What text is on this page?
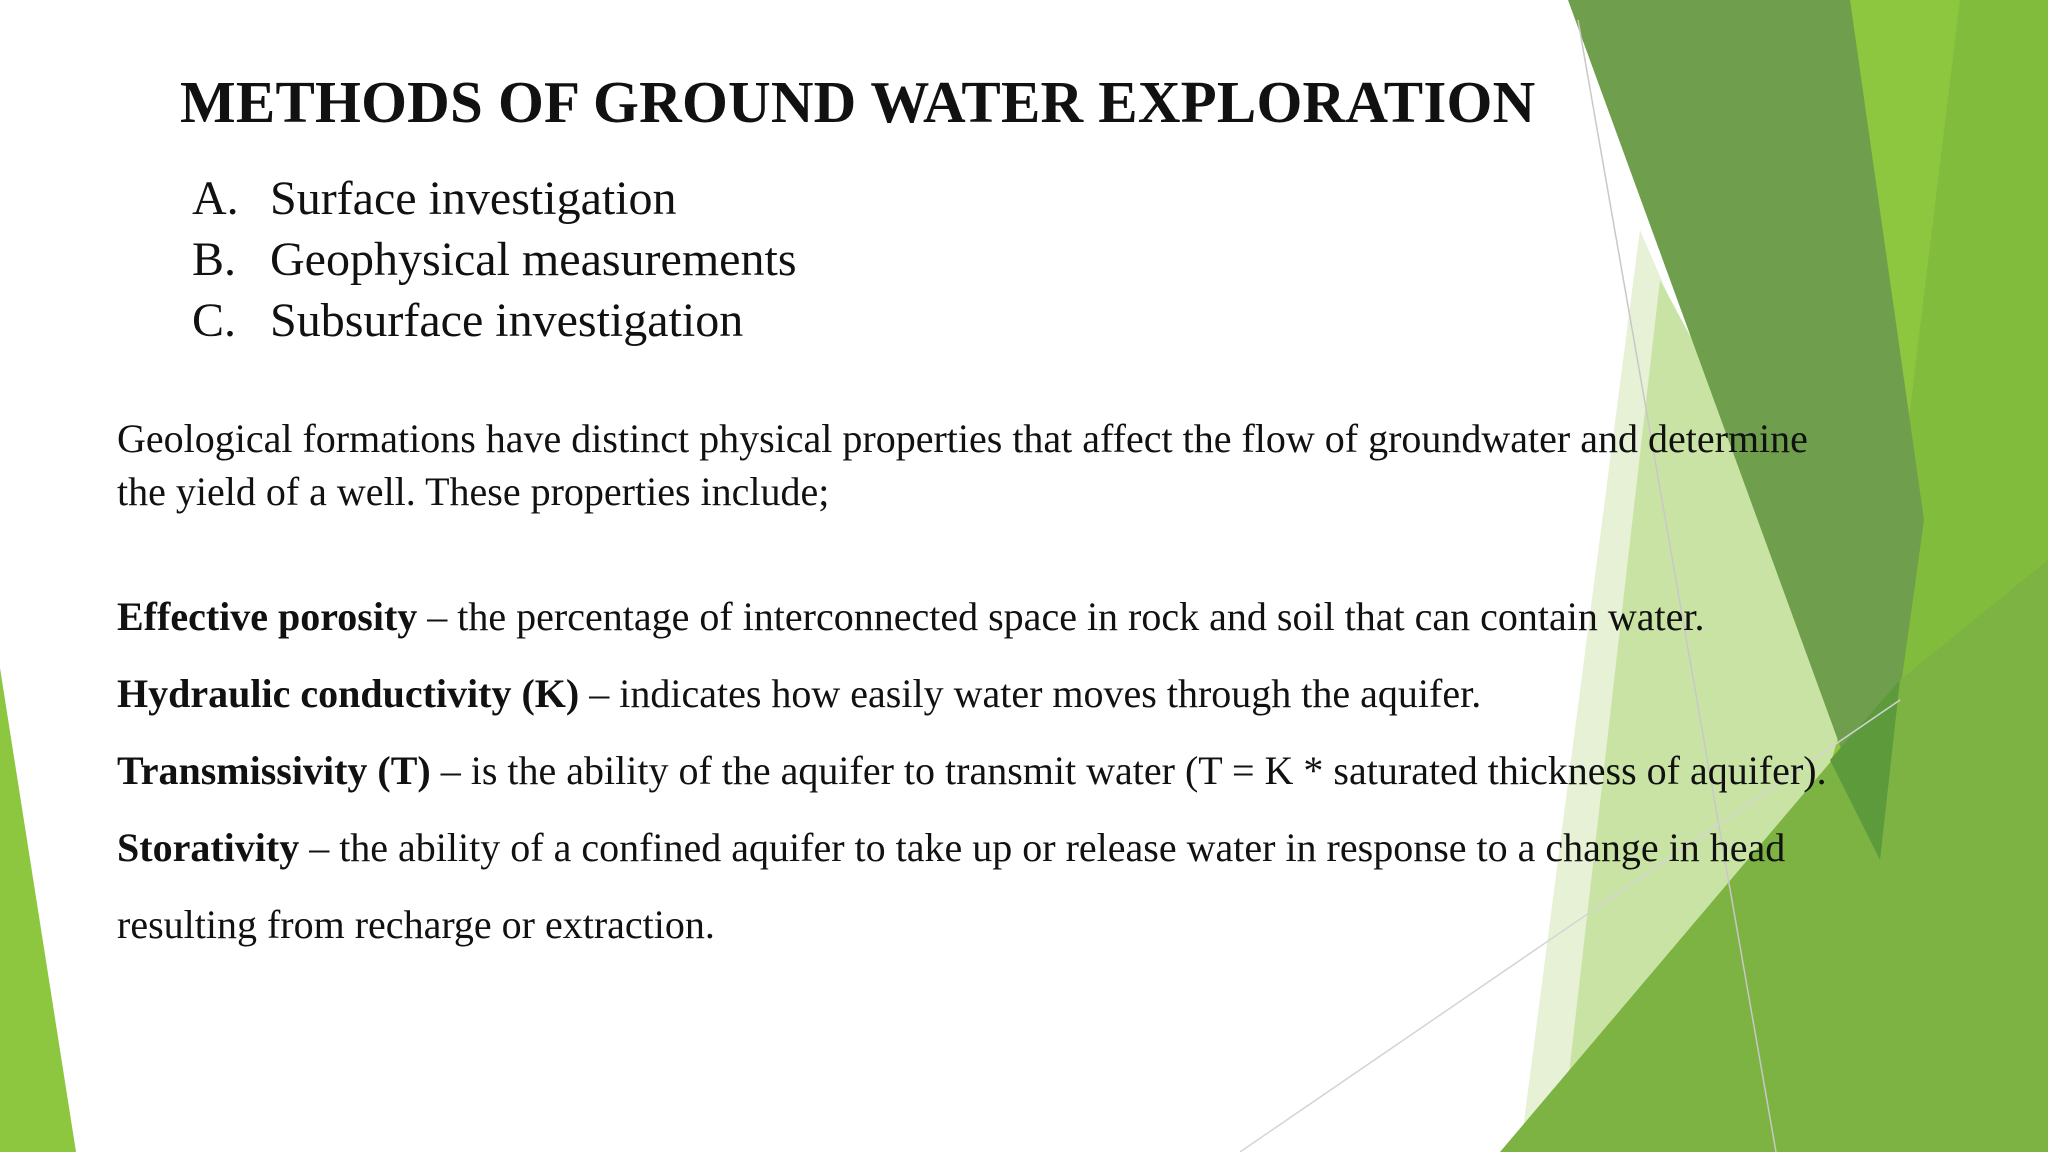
METHODS OF GROUND WATER EXPLORATION
A. Surface investigation
B. Geophysical measurements
C. Subsurface investigation

Geological formations have distinct physical properties that affect the flow of groundwater and determine the yield of a well. These properties include;

Effective porosity – the percentage of interconnected space in rock and soil that can contain water.

Hydraulic conductivity (K) – indicates how easily water moves through the aquifer.

Transmissivity (T) – is the ability of the aquifer to transmit water (T = K * saturated thickness of aquifer).

Storativity – the ability of a confined aquifer to take up or release water in response to a change in head resulting from recharge or extraction.
